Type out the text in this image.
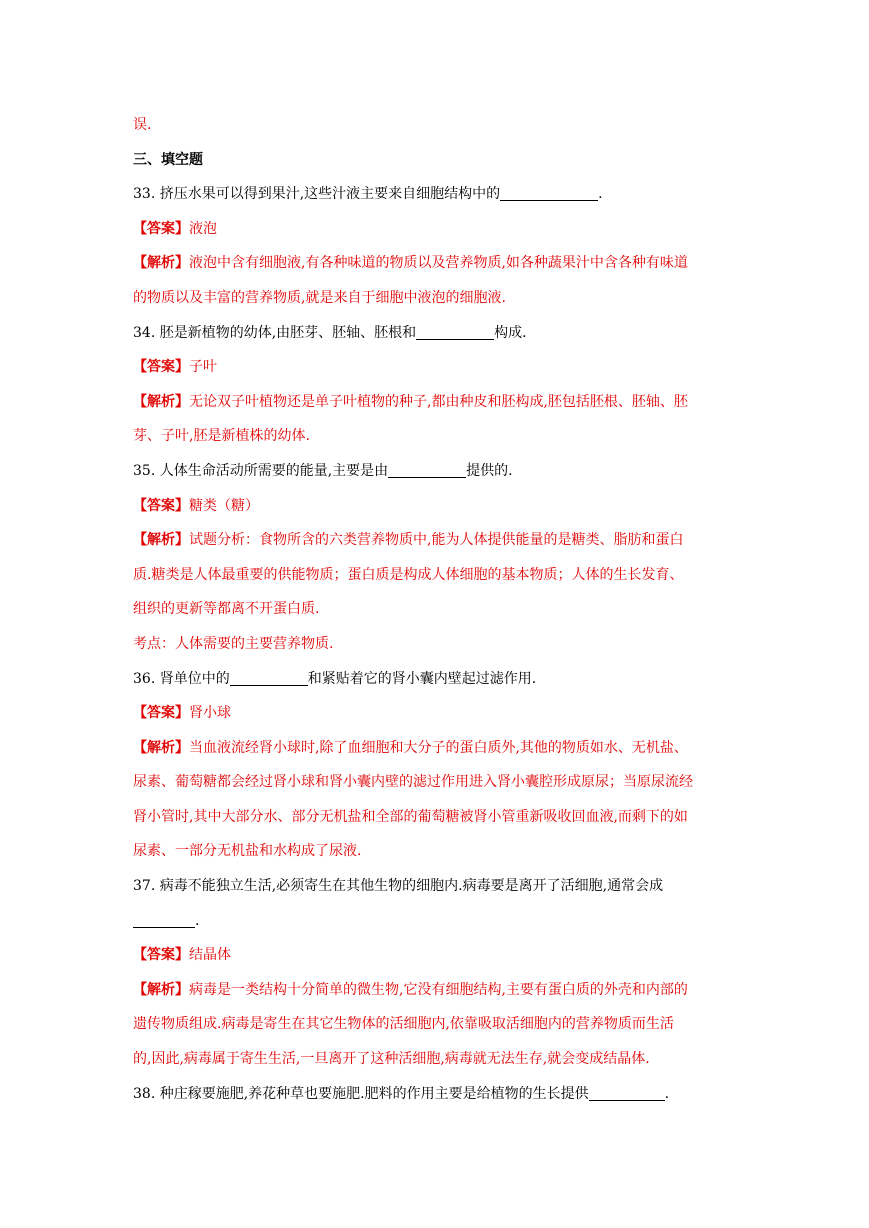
误.

三、填空题

33. 挤压水果可以得到果汁,这些汁液主要来自细胞结构中的	.

【答案】液泡

【解析】液泡中含有细胞液,有各种味道的物质以及营养物质,如各种蔬果汁中含各种有味道

的物质以及丰富的营养物质,就是来自于细胞中液泡的细胞液.

34. 胚是新植物的幼体,由胚芽、胚轴、胚根和	构成.

【答案】子叶

【解析】无论双子叶植物还是单子叶植物的种子,都由种皮和胚构成,胚包括胚根、胚轴、胚

芽、子叶,胚是新植株的幼体.

35. 人体生命活动所需要的能量,主要是由	提供的.

【答案】糖类（糖）

【解析】试题分析：食物所含的六类营养物质中,能为人体提供能量的是糖类、脂肪和蛋白

质.糖类是人体最重要的供能物质；蛋白质是构成人体细胞的基本物质；人体的生长发育、

组织的更新等都离不开蛋白质.

考点：人体需要的主要营养物质.

36. 肾单位中的	和紧贴着它的肾小囊内壁起过滤作用.

【答案】肾小球

【解析】当血液流经肾小球时,除了血细胞和大分子的蛋白质外,其他的物质如水、无机盐、

尿素、葡萄糖都会经过肾小球和肾小囊内壁的滤过作用进入肾小囊腔形成原尿；当原尿流经

肾小管时,其中大部分水、部分无机盐和全部的葡萄糖被肾小管重新吸收回血液,而剩下的如

尿素、一部分无机盐和水构成了尿液.

37. 病毒不能独立生活,必须寄生在其他生物的细胞内.病毒要是离开了活细胞,通常会成

.

【答案】结晶体

【解析】病毒是一类结构十分简单的微生物,它没有细胞结构,主要有蛋白质的外壳和内部的

遗传物质组成.病毒是寄生在其它生物体的活细胞内,依靠吸取活细胞内的营养物质而生活

的,因此,病毒属于寄生生活,一旦离开了这种活细胞,病毒就无法生存,就会变成结晶体.

38. 种庄稼要施肥,养花种草也要施肥.肥料的作用主要是给植物的生长提供	.
